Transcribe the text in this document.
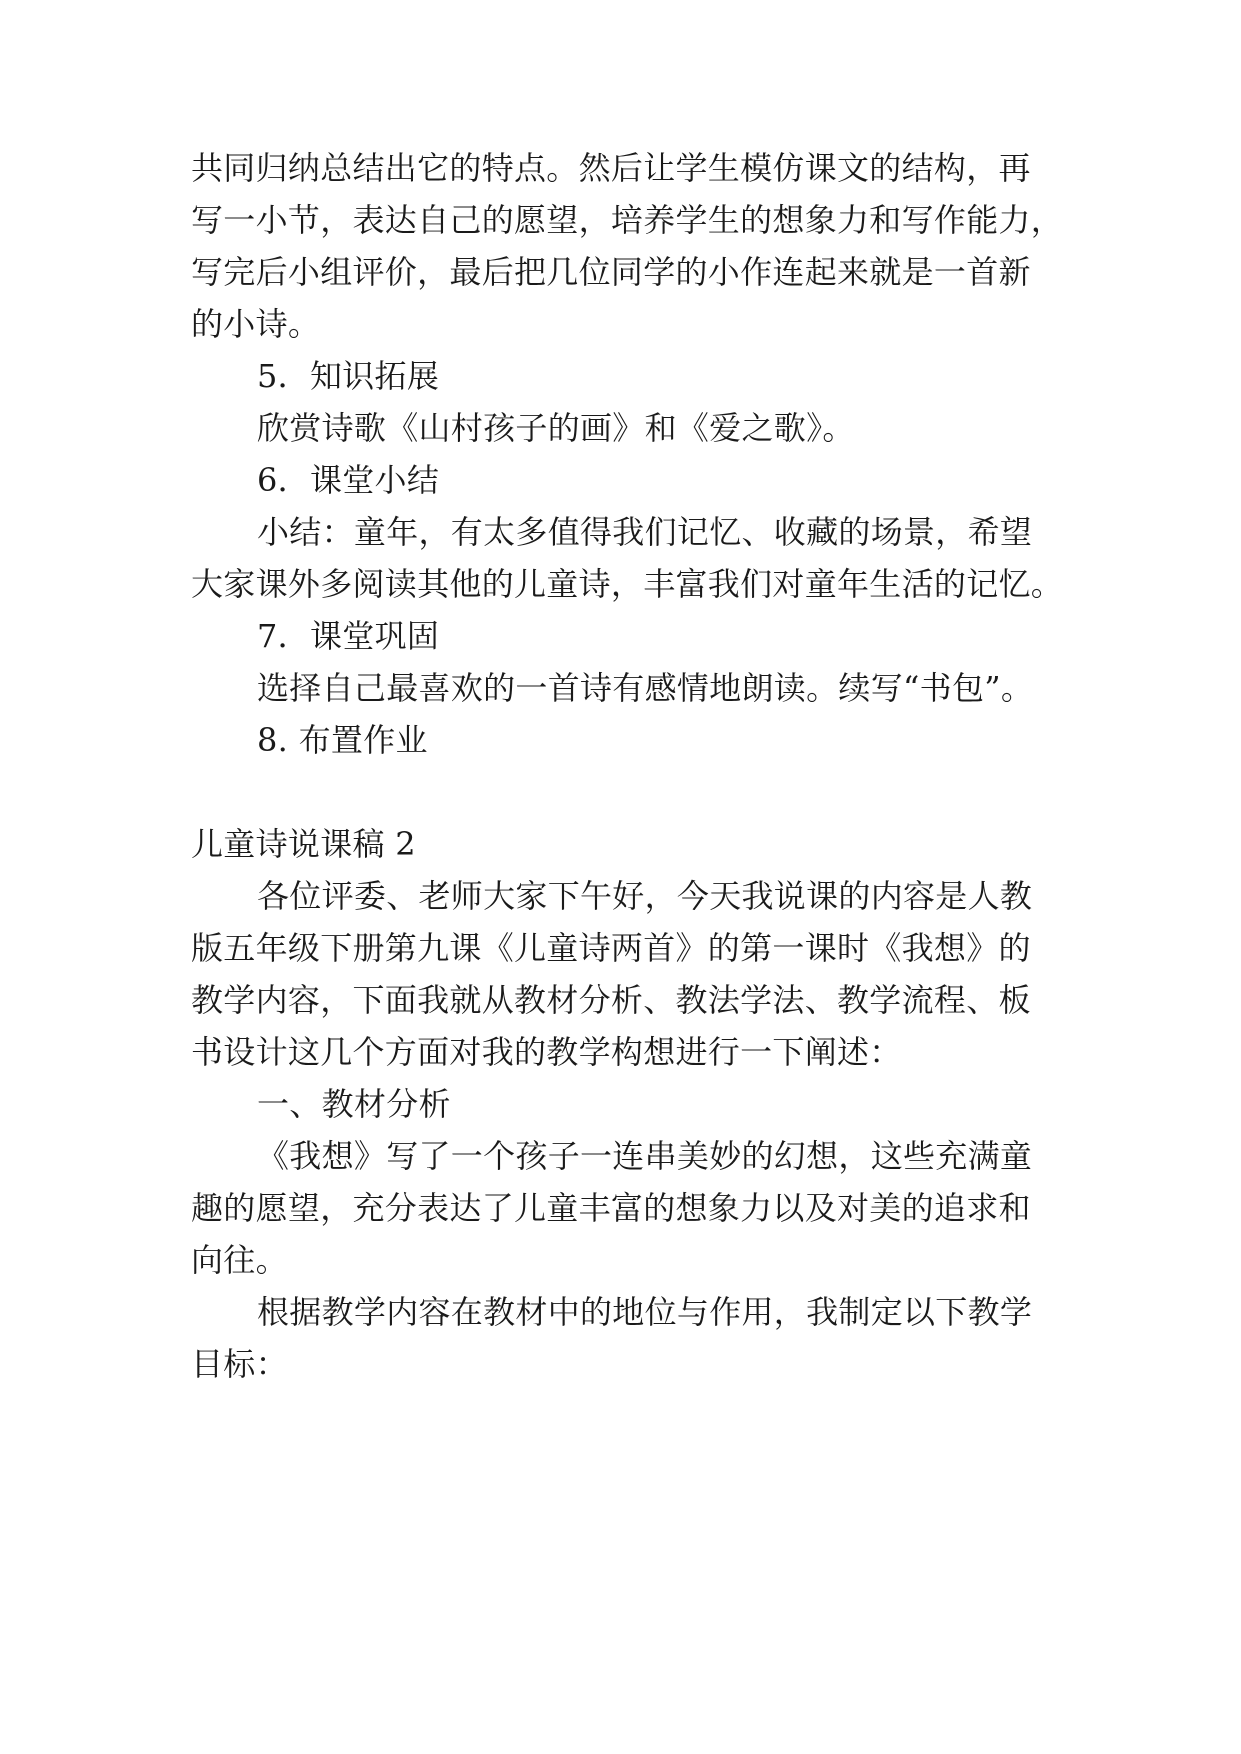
共同归纳总结出它的特点。然后让学生模仿课文的结构，再
写一小节，表达自己的愿望，培养学生的想象力和写作能力，
写完后小组评价，最后把几位同学的小作连起来就是一首新
的小诗。
5．知识拓展
欣赏诗歌《山村孩子的画》和《爱之歌》。
6．课堂小结
小结：童年，有太多值得我们记忆、收藏的场景，希望
大家课外多阅读其他的儿童诗，丰富我们对童年生活的记忆。
7．课堂巩固
选择自己最喜欢的一首诗有感情地朗读。续写“书包”。
8. 布置作业
儿童诗说课稿 2
各位评委、老师大家下午好，今天我说课的内容是人教
版五年级下册第九课《儿童诗两首》的第一课时《我想》的
教学内容，下面我就从教材分析、教法学法、教学流程、板
书设计这几个方面对我的教学构想进行一下阐述：
一、教材分析
《我想》写了一个孩子一连串美妙的幻想，这些充满童
趣的愿望，充分表达了儿童丰富的想象力以及对美的追求和
向往。
根据教学内容在教材中的地位与作用，我制定以下教学
目标：
